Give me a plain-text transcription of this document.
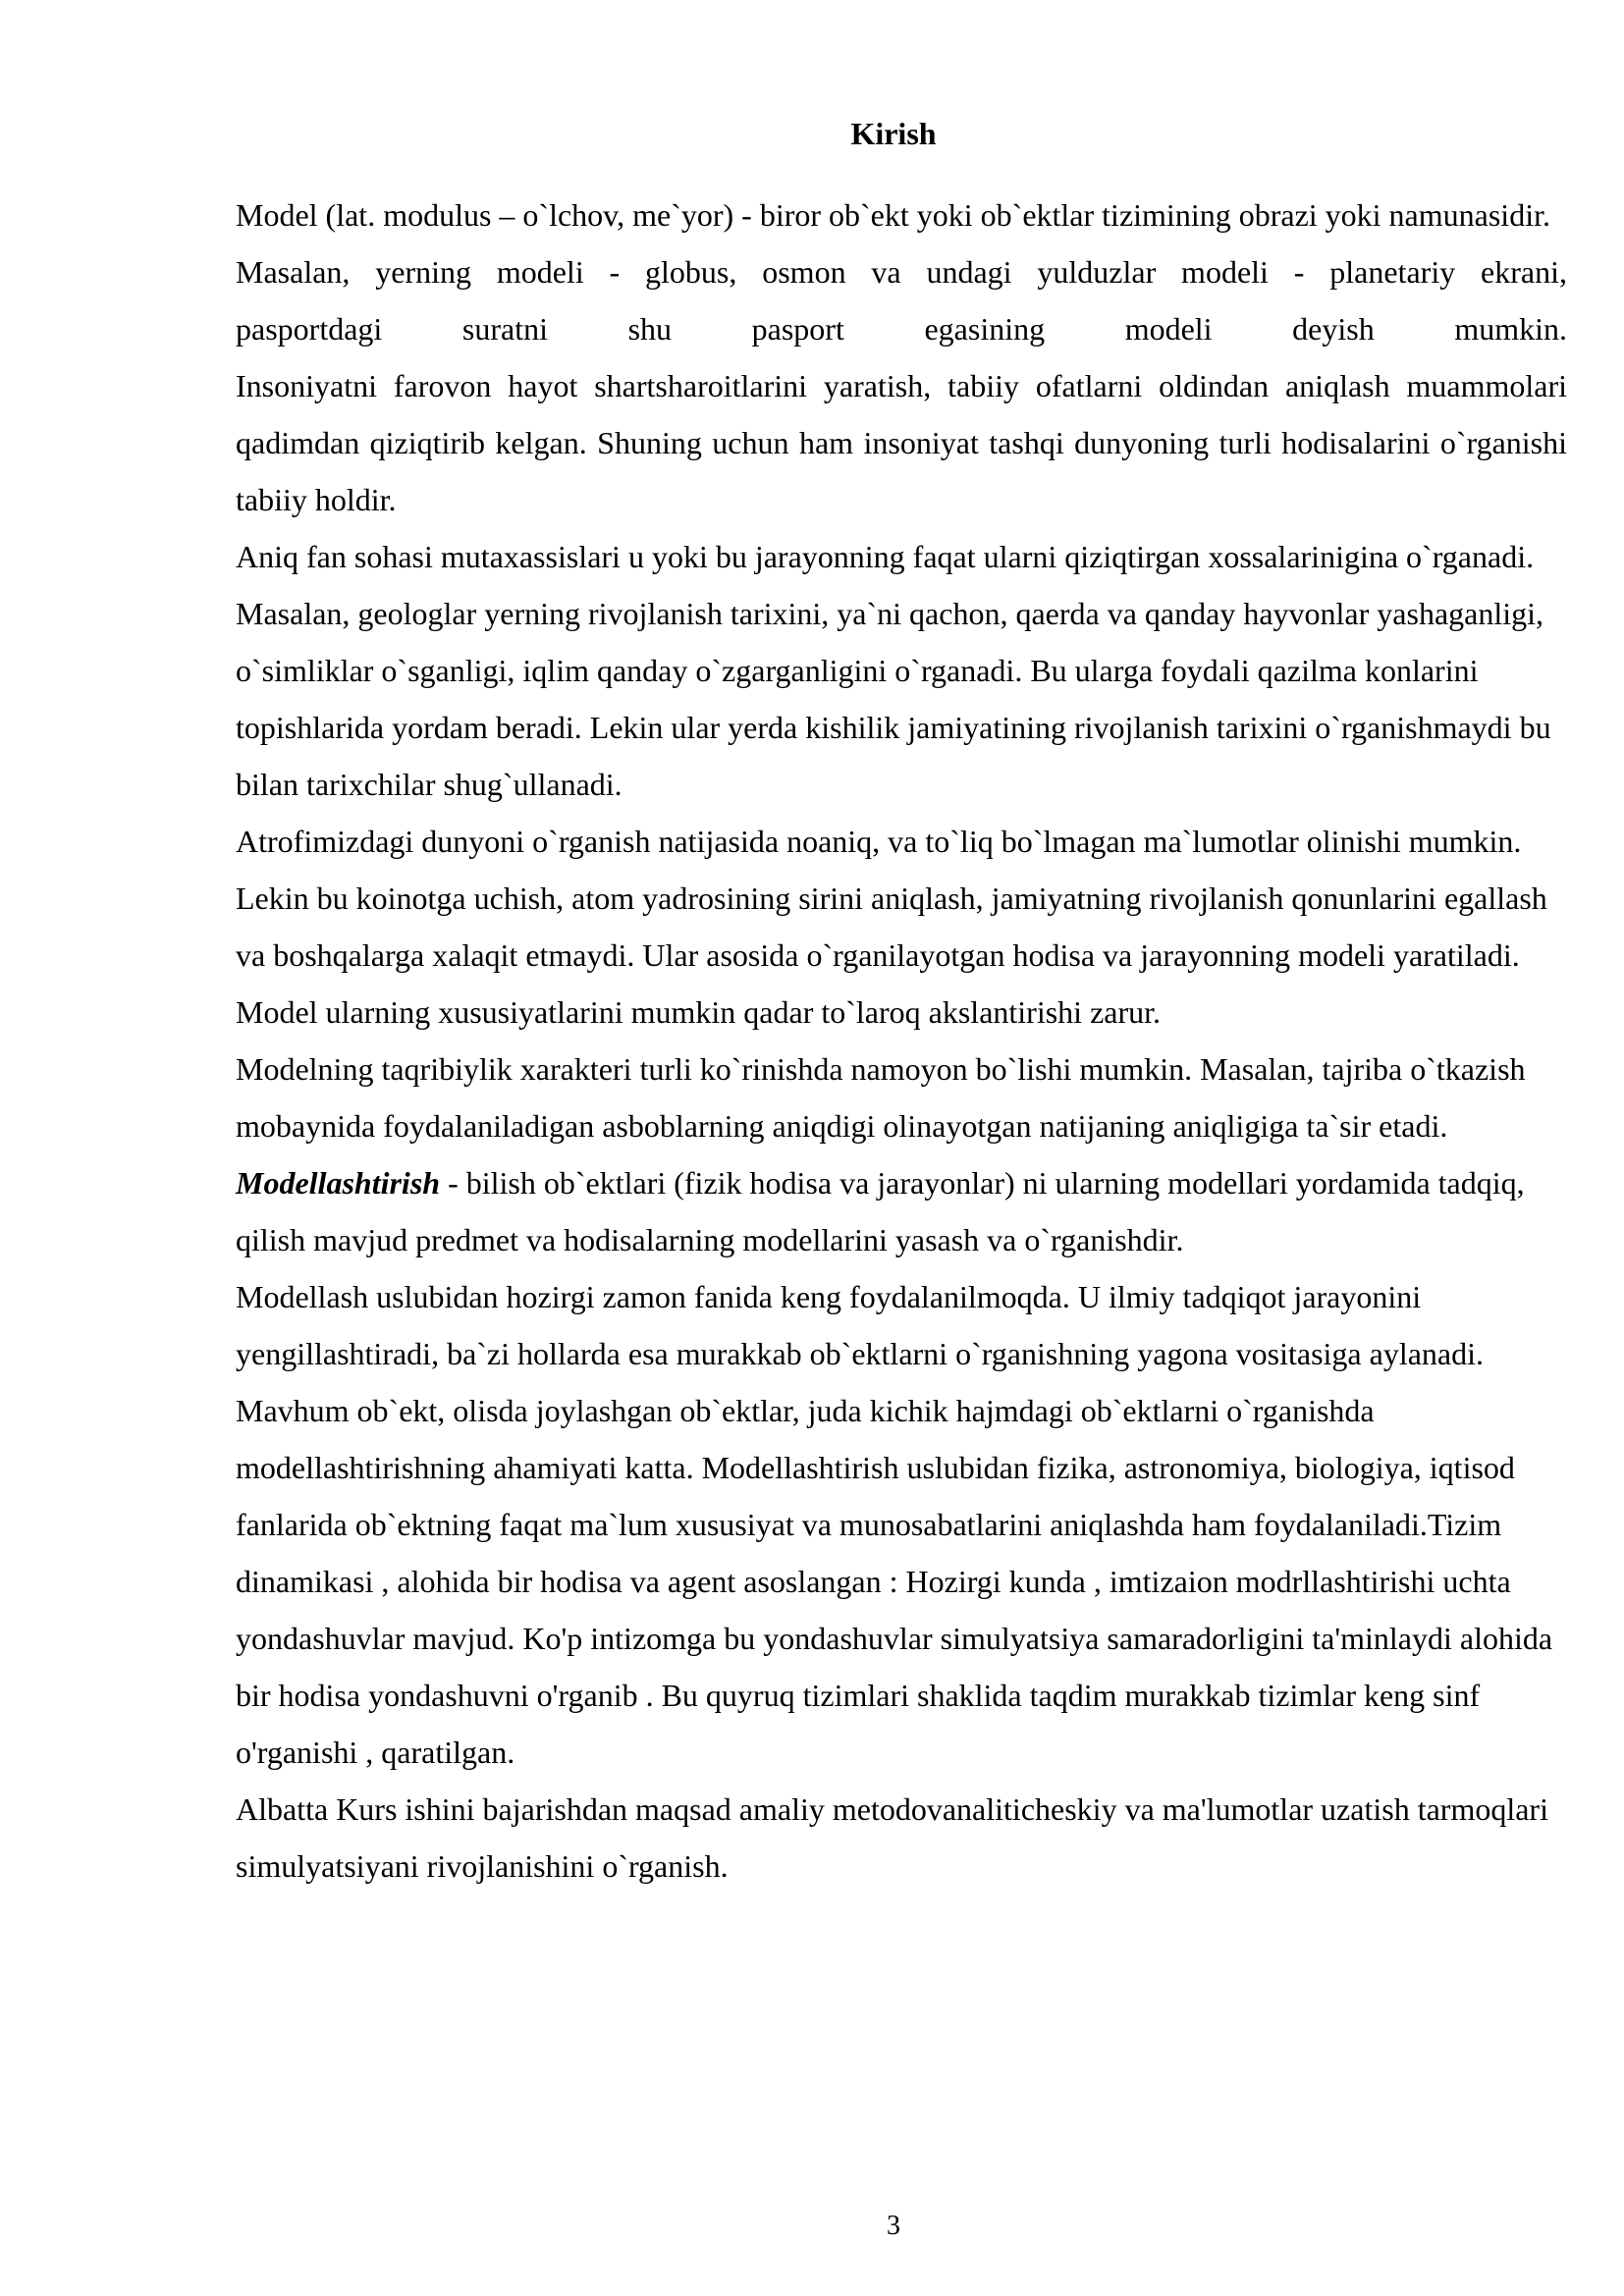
Kirish

Model (lat. modulus – o`lchov, me`yor) - biror ob`ekt yoki ob`ektlar tizimining obrazi yoki namunasidir.

Masalan, yerning modeli - globus, osmon va undagi yulduzlar modeli - planetariy ekrani,
pasportdagi suratni shu pasport egasining modeli deyish mumkin.
Insoniyatni farovon hayot shartsharoitlarini yaratish, tabiiy ofatlarni oldindan aniqlash muammolari qadimdan qiziqtirib kelgan. Shuning uchun ham insoniyat tashqi dunyoning turli hodisalarini o`rganishi tabiiy holdir.

Aniq fan sohasi mutaxassislari u yoki bu jarayonning faqat ularni qiziqtirgan xossalarinigina o`rganadi. Masalan, geologlar yerning rivojlanish tarixini, ya`ni qachon, qaerda va qanday hayvonlar yashaganligi, o`simliklar o`sganligi, iqlim qanday o`zgarganligini o`rganadi. Bu ularga foydali qazilma konlarini topishlarida yordam beradi. Lekin ular yerda kishilik jamiyatining rivojlanish tarixini o`rganishmaydi bu bilan tarixchilar shug`ullanadi.

Atrofimizdagi dunyoni o`rganish natijasida noaniq, va to`liq bo`lmagan ma`lumotlar olinishi mumkin. Lekin bu koinotga uchish, atom yadrosining sirini aniqlash, jamiyatning rivojlanish qonunlarini egallash va boshqalarga xalaqit etmaydi. Ular asosida o`rganilayotgan hodisa va jarayonning modeli yaratiladi. Model ularning xususiyatlarini mumkin qadar to`laroq akslantirishi zarur.

Modelning taqribiylik xarakteri turli ko`rinishda namoyon bo`lishi mumkin. Masalan, tajriba o`tkazish mobaynida foydalaniladigan asboblarning aniqdigi olinayotgan natijaning aniqligiga ta`sir etadi.

Modellashtirish - bilish ob`ektlari (fizik hodisa va jarayonlar) ni ularning modellari yordamida tadqiq, qilish mavjud predmet va hodisalarning modellarini yasash va o`rganishdir.

Modellash uslubidan hozirgi zamon fanida keng foydalanilmoqda. U ilmiy tadqiqot jarayonini yengillashtiradi, ba`zi hollarda esa murakkab ob`ektlarni o`rganishning yagona vositasiga aylanadi. Mavhum ob`ekt, olisda joylashgan ob`ektlar, juda kichik hajmdagi ob`ektlarni o`rganishda modellashtirishning ahamiyati katta. Modellashtirish uslubidan fizika, astronomiya, biologiya, iqtisod fanlarida ob`ektning faqat ma`lum xususiyat va munosabatlarini aniqlashda ham foydalaniladi.Tizim dinamikasi , alohida bir hodisa va agent asoslangan : Hozirgi kunda , imtizaion modrllashtirishi uchta yondashuvlar mavjud. Ko'p intizomga bu yondashuvlar simulyatsiya samaradorligini ta'minlaydi alohida bir hodisa yondashuvni o'rganib . Bu quyruq tizimlari shaklida taqdim murakkab tizimlar keng sinf o'rganishi , qaratilgan.

Albatta Kurs ishini bajarishdan maqsad amaliy metodovanaliticheskiy va ma'lumotlar uzatish tarmoqlari simulyatsiyani rivojlanishini o`rganish.

3
